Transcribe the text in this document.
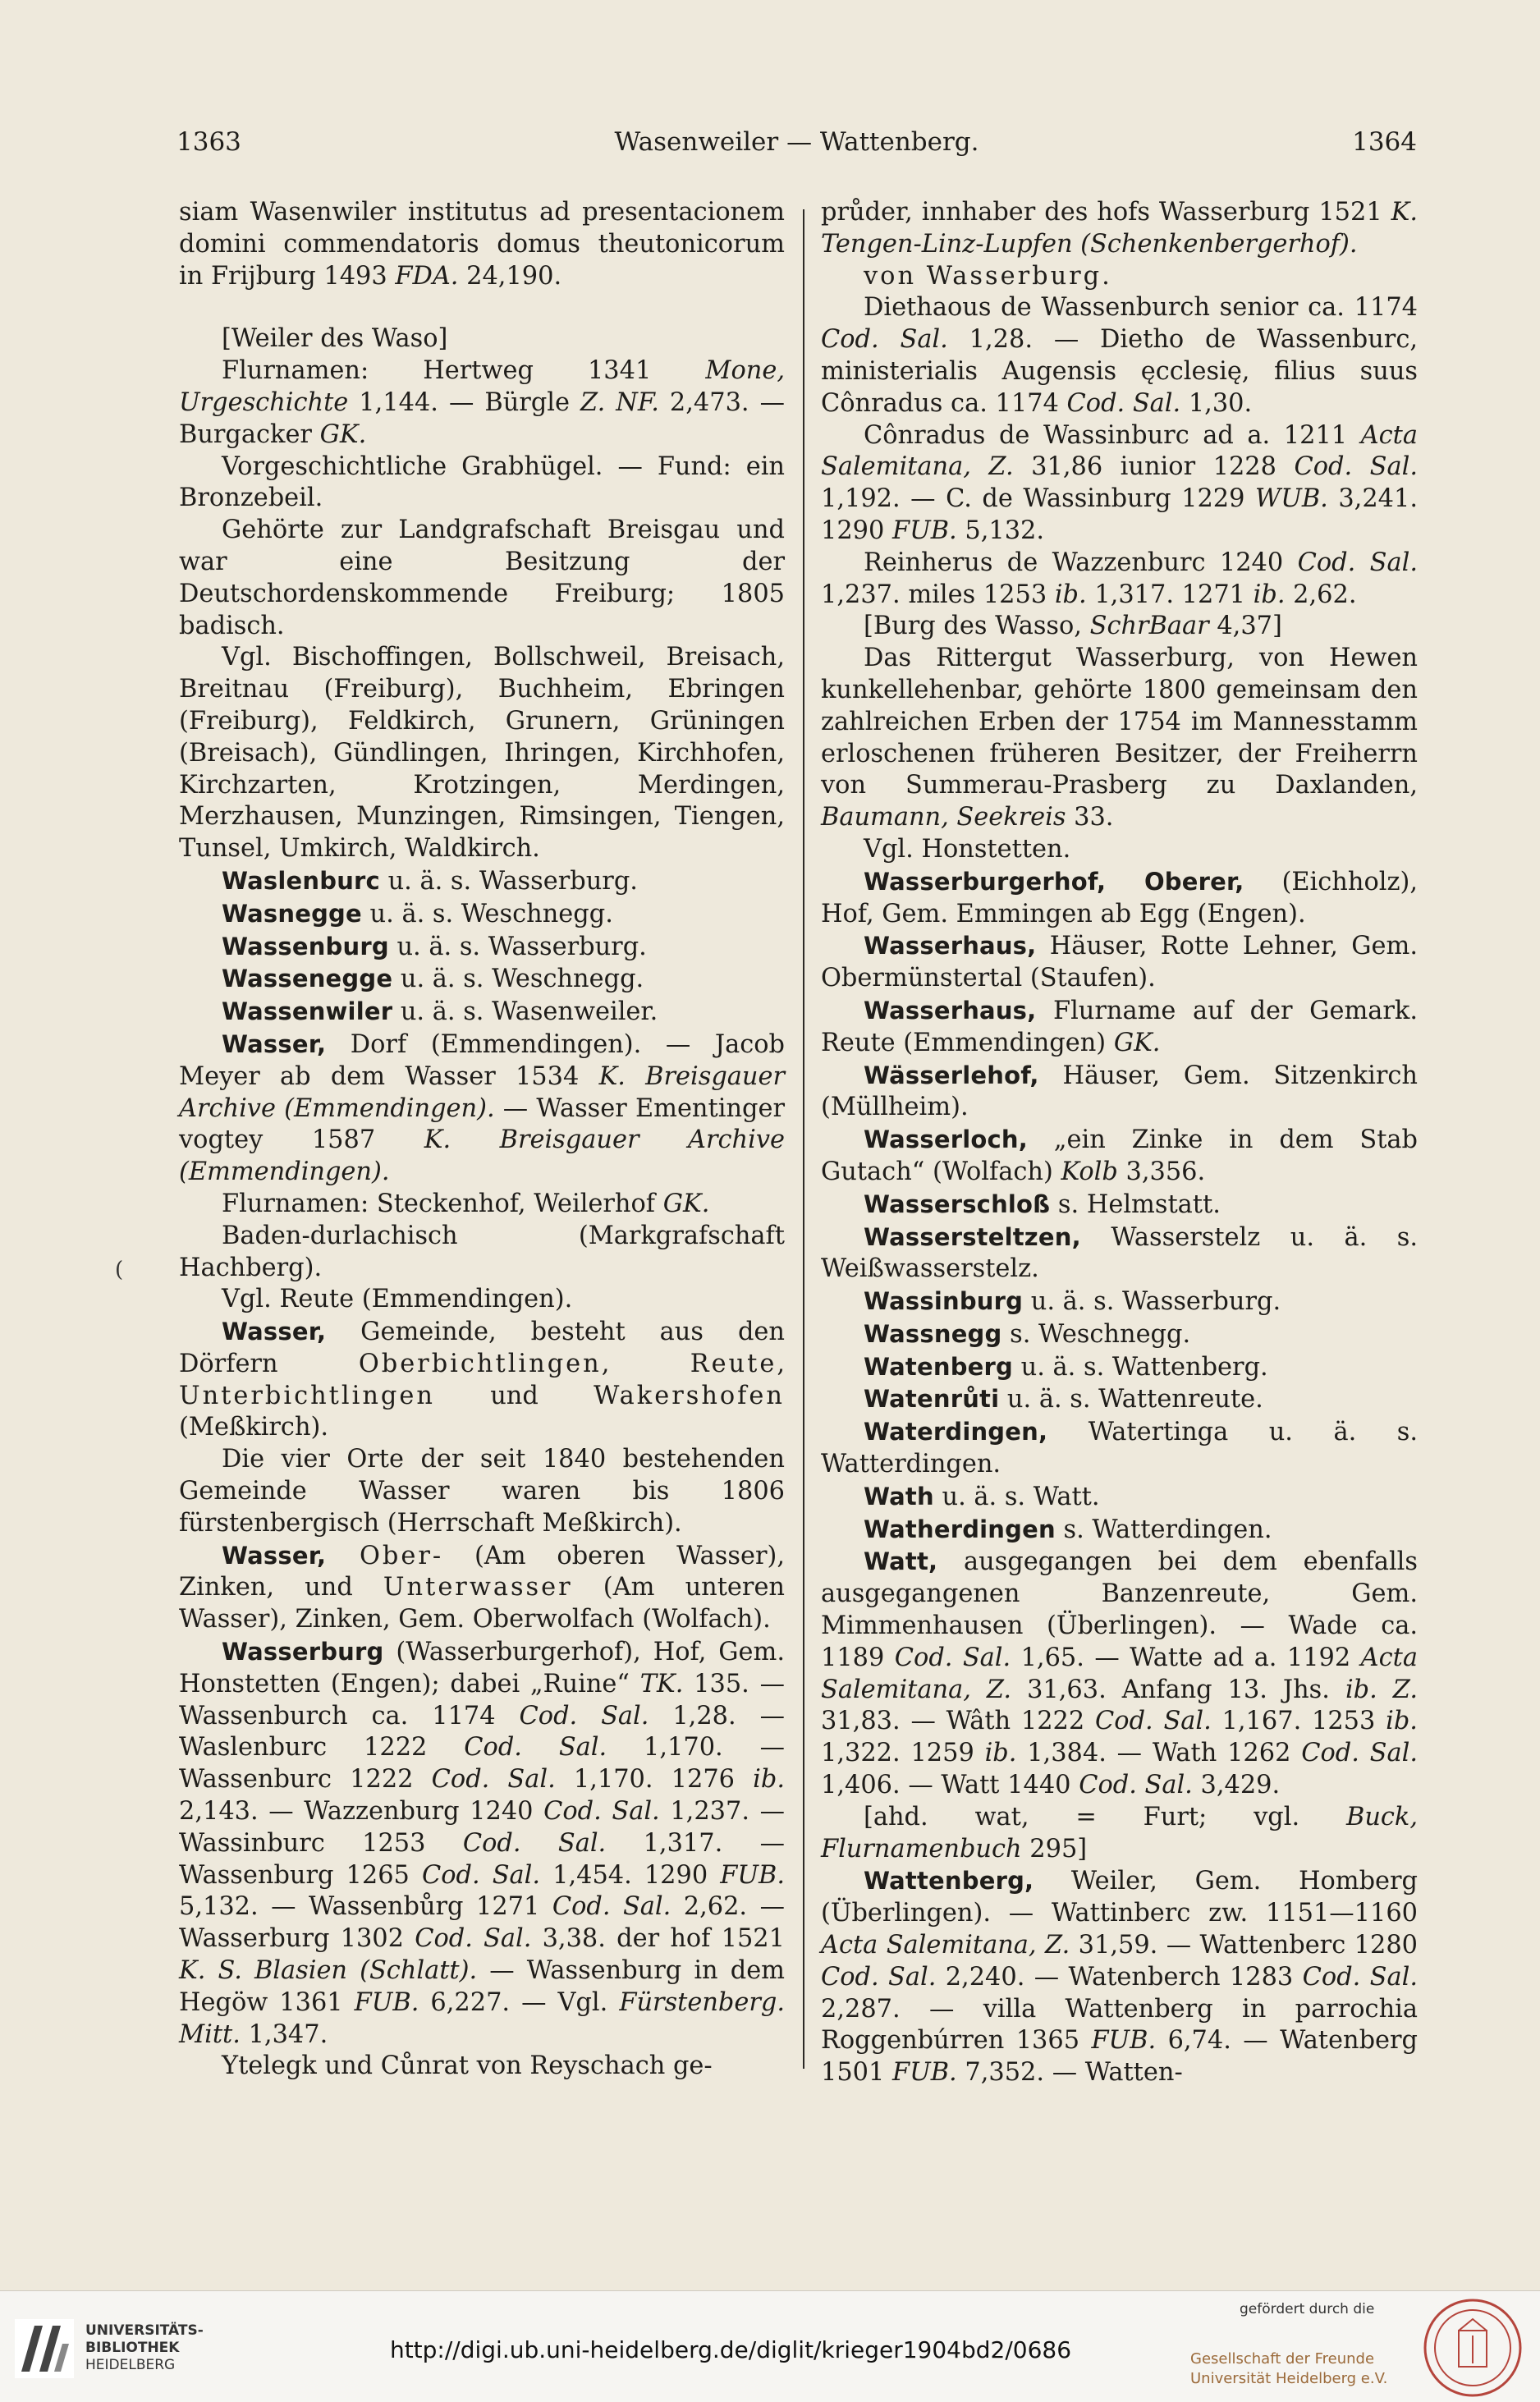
1363	Wasenweiler — Wattenberg.	1364
(

siam Wasenwiler institutus ad presentacionem domini commendatoris domus theutonicorum in Frijburg 1493 FDA. 24,190.

[Weiler des Waso]

Flurnamen: Hertweg 1341 Mone, Urgeschichte 1,144. — Bürgle Z. NF. 2,473. — Burgacker GK.

Vorgeschichtliche Grabhügel. — Fund: ein Bronzebeil.

Gehörte zur Landgrafschaft Breisgau und war eine Besitzung der Deutschordenskommende Freiburg; 1805 badisch.

Vgl. Bischoffingen, Bollschweil, Breisach, Breitnau (Freiburg), Buchheim, Ebringen (Freiburg), Feldkirch, Grunern, Grüningen (Breisach), Gündlingen, Ihringen, Kirchhofen, Kirchzarten, Krotzingen, Merdingen, Merzhausen, Munzingen, Rimsingen, Tiengen, Tunsel, Umkirch, Waldkirch.

Waslenburc u. ä. s. Wasserburg.

Wasnegge u. ä. s. Weschnegg.

Wassenburg u. ä. s. Wasserburg.

Wassenegge u. ä. s. Weschnegg.

Wassenwiler u. ä. s. Wasenweiler.

Wasser, Dorf (Emmendingen). — Jacob Meyer ab dem Wasser 1534 K. Breisgauer Archive (Emmendingen). — Wasser Ementinger vogtey 1587 K. Breisgauer Archive (Emmendingen).

Flurnamen: Steckenhof, Weilerhof GK.

Baden-durlachisch (Markgrafschaft Hachberg).

Vgl. Reute (Emmendingen).

Wasser, Gemeinde, besteht aus den Dörfern Oberbichtlingen, Reute, Unterbichtlingen und Wakershofen (Meßkirch).

Die vier Orte der seit 1840 bestehenden Gemeinde Wasser waren bis 1806 fürstenbergisch (Herrschaft Meßkirch).

Wasser, Ober- (Am oberen Wasser), Zinken, und Unterwasser (Am unteren Wasser), Zinken, Gem. Oberwolfach (Wolfach).

Wasserburg (Wasserburgerhof), Hof, Gem. Honstetten (Engen); dabei „Ruine“ TK. 135. — Wassenburch ca. 1174 Cod. Sal. 1,28. — Waslenburc 1222 Cod. Sal. 1,170. — Wassenburc 1222 Cod. Sal. 1,170. 1276 ib. 2,143. — Wazzenburg 1240 Cod. Sal. 1,237. — Wassinburc 1253 Cod. Sal. 1,317. — Wassenburg 1265 Cod. Sal. 1,454. 1290 FUB. 5,132. — Wassenbůrg 1271 Cod. Sal. 2,62. — Wasserburg 1302 Cod. Sal. 3,38. der hof 1521 K. S. Blasien (Schlatt). — Wassenburg in dem Hegöw 1361 FUB. 6,227. — Vgl. Fürstenberg. Mitt. 1,347.

Ytelegk und Cůnrat von Reyschach ge-

průder, innhaber des hofs Wasserburg 1521 K. Tengen-Linz-Lupfen (Schenkenbergerhof).

von Wasserburg.

Diethaous de Wassenburch senior ca. 1174 Cod. Sal. 1,28. — Dietho de Wassenburc, ministerialis Augensis ęcclesię, filius suus Cônradus ca. 1174 Cod. Sal. 1,30.

Cônradus de Wassinburc ad a. 1211 Acta Salemitana, Z. 31,86 iunior 1228 Cod. Sal. 1,192. — C. de Wassinburg 1229 WUB. 3,241. 1290 FUB. 5,132.

Reinherus de Wazzenburc 1240 Cod. Sal. 1,237. miles 1253 ib. 1,317. 1271 ib. 2,62.

[Burg des Wasso, SchrBaar 4,37]

Das Rittergut Wasserburg, von Hewen kunkellehenbar, gehörte 1800 gemeinsam den zahlreichen Erben der 1754 im Mannesstamm erloschenen früheren Besitzer, der Freiherrn von Summerau-Prasberg zu Daxlanden, Baumann, Seekreis 33.

Vgl. Honstetten.

Wasserburgerhof, Oberer, (Eichholz), Hof, Gem. Emmingen ab Egg (Engen).

Wasserhaus, Häuser, Rotte Lehner, Gem. Obermünstertal (Staufen).

Wasserhaus, Flurname auf der Gemark. Reute (Emmendingen) GK.

Wässerlehof, Häuser, Gem. Sitzenkirch (Müllheim).

Wasserloch, „ein Zinke in dem Stab Gutach“ (Wolfach) Kolb 3,356.

Wasserschloß s. Helmstatt.

Wassersteltzen, Wasserstelz u. ä. s. Weißwasserstelz.

Wassinburg u. ä. s. Wasserburg.

Wassnegg s. Weschnegg.

Watenberg u. ä. s. Wattenberg.

Watenrůti u. ä. s. Wattenreute.

Waterdingen, Watertinga u. ä. s. Watterdingen.

Wath u. ä. s. Watt.

Watherdingen s. Watterdingen.

Watt, ausgegangen bei dem ebenfalls ausgegangenen Banzenreute, Gem. Mimmenhausen (Überlingen). — Wade ca. 1189 Cod. Sal. 1,65. — Watte ad a. 1192 Acta Salemitana, Z. 31,63. Anfang 13. Jhs. ib. Z. 31,83. — Wâth 1222 Cod. Sal. 1,167. 1253 ib. 1,322. 1259 ib. 1,384. — Wath 1262 Cod. Sal. 1,406. — Watt 1440 Cod. Sal. 3,429.

[ahd. wat, = Furt; vgl. Buck, Flurnamenbuch 295]

Wattenberg, Weiler, Gem. Homberg (Überlingen). — Wattinberc zw. 1151—1160 Acta Salemitana, Z. 31,59. — Wattenberc 1280 Cod. Sal. 2,240. — Watenberch 1283 Cod. Sal. 2,287. — villa Wattenberg in parrochia Roggenbúrren 1365 FUB. 6,74. — Watenberg 1501 FUB. 7,352. — Watten-

UNIVERSITÄTS-
BIBLIOTHEK
HEIDELBERG
http://digi.ub.uni-heidelberg.de/diglit/krieger1904bd2/0686
gefördert durch die
Gesellschaft der Freunde
Universität Heidelberg e.V.
